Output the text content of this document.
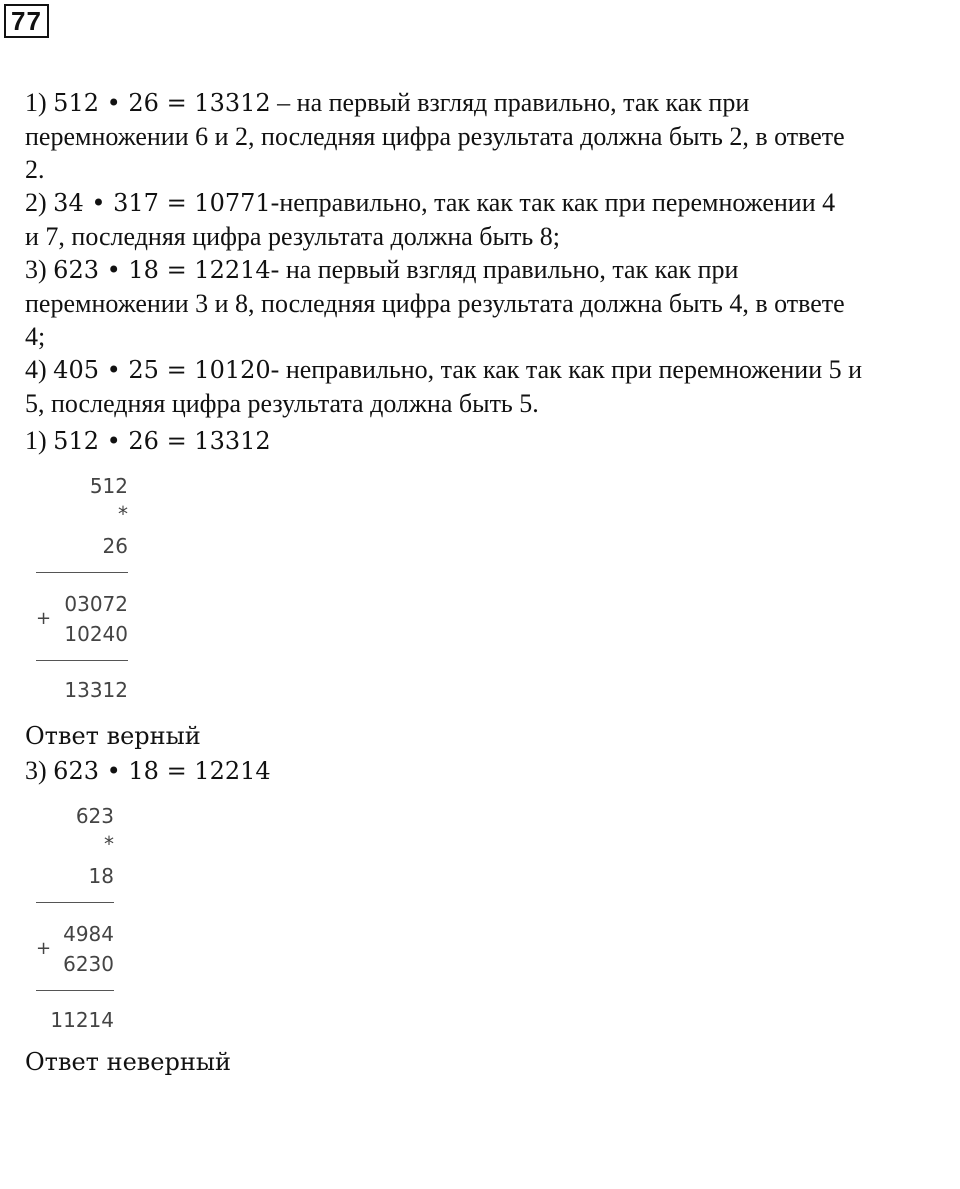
77
1) 512 • 26 = 13312 – на первый взгляд правильно, так как при
перемножении 6 и 2, последняя цифра результата должна быть 2, в ответе
2.
2) 34 • 317 = 10771-неправильно, так как так как при перемножении 4
и 7, последняя цифра результата должна быть 8;
3) 623 • 18 = 12214- на первый взгляд правильно, так как при
перемножении 3 и 8, последняя цифра результата должна быть 4, в ответе
4;
4) 405 • 25 = 10120- неправильно, так как так как при перемножении 5 и
5, последняя цифра результата должна быть 5.
1) 512 • 26 = 13312
512
*
26
+
03072
10240
13312
Ответ верный
3) 623 • 18 = 12214
623
*
18
+
4984
6230
11214
Ответ неверный
